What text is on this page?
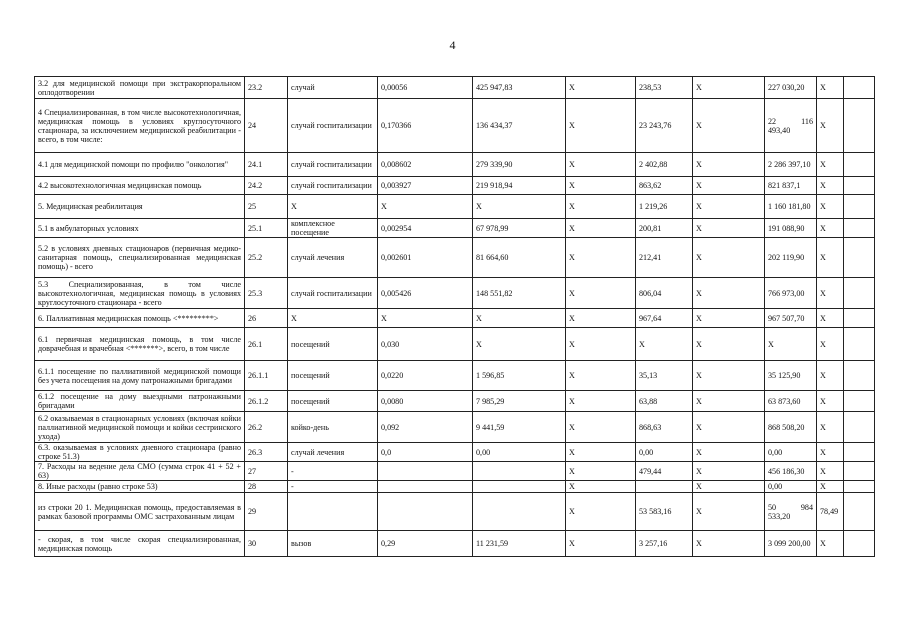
4
3.2 для медицинской помощи при экстракорпоральном оплодотворении	23.2	случай	0,00056	425 947,83	Х	238,53	Х	227 030,20	Х	
4 Специализированная, в том числе высокотехнологичная, медицинская помощь в условиях круглосуточного стационара, за исключением медицинской реабилитации - всего, в том числе:	24	случай госпитализации	0,170366	136 434,37	Х	23 243,76	Х	22 116 493,40	Х	
4.1 для медицинской помощи по профилю "онкология"	24.1	случай госпитализации	0,008602	279 339,90	Х	2 402,88	Х	2 286 397,10	Х	
4.2 высокотехнологичная медицинская помощь	24.2	случай госпитализации	0,003927	219 918,94	Х	863,62	Х	821 837,1	Х	
5. Медицинская реабилитация	25	Х	Х	Х	Х	1 219,26	Х	1 160 181,80	Х	
5.1 в амбулаторных условиях	25.1	комплексное посещение	0,002954	67 978,99	Х	200,81	Х	191 088,90	Х	
5.2 в условиях дневных стационаров (первичная медико-санитарная помощь, специализированная медицинская помощь) - всего	25.2	случай лечения	0,002601	81 664,60	Х	212,41	Х	202 119,90	Х	
5.3 Специализированная, в том числе высокотехнологичная, медицинская помощь в условиях круглосуточного стационара - всего	25.3	случай госпитализации	0,005426	148 551,82	Х	806,04	Х	766 973,00	Х	
6. Паллиативная медицинская помощь <*********>	26	Х	Х	Х	Х	967,64	Х	967 507,70	Х	
6.1 первичная медицинская помощь, в том числе доврачебная и врачебная <*******>, всего, в том числе	26.1	посещений	0,030	Х	Х	Х	Х	Х	Х	
6.1.1 посещение по паллиативной медицинской помощи без учета посещения на дому патронажными бригадами	26.1.1	посещений	0,0220	1 596,85	Х	35,13	Х	35 125,90	Х	
6.1.2 посещение на дому выездными патронажными бригадами	26.1.2	посещений	0,0080	7 985,29	Х	63,88	Х	63 873,60	Х	
6.2 оказываемая в стационарных условиях (включая койки паллиативной медицинской помощи и койки сестринского ухода)	26.2	койко-день	0,092	9 441,59	Х	868,63	Х	868 508,20	Х	
6.3. оказываемая в условиях дневного стационара (равно строке 51.3)	26.3	случай лечения	0,0	0,00	Х	0,00	Х	0,00	Х	
7. Расходы на ведение дела СМО (сумма строк 41 + 52 + 63)	27	-			Х	479,44	Х	456 186,30	Х	
8. Иные расходы (равно строке 53)	28	-			Х		Х	0,00	Х	
из строки 20 1. Медицинская помощь, предоставляемая в рамках базовой программы ОМС застрахованным лицам	29				Х	53 583,16	Х	50 984 533,20	78,49	
- скорая, в том числе скорая специализированная, медицинская помощь	30	вызов	0,29	11 231,59	Х	3 257,16	Х	3 099 200,00	Х	
